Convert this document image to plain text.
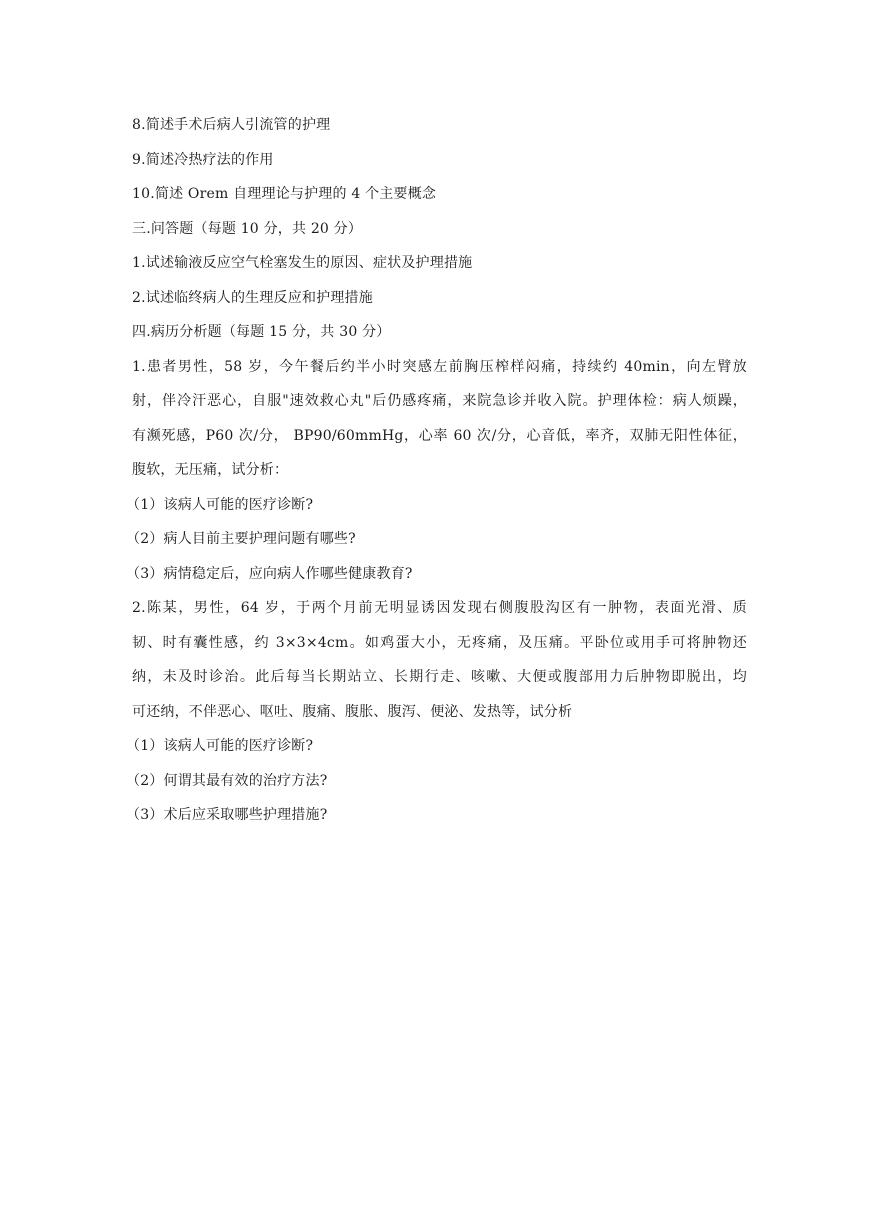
8.简述手术后病人引流管的护理
9.简述冷热疗法的作用
10.简述 Orem 自理理论与护理的 4 个主要概念
三.问答题（每题 10 分，共 20 分）
1.试述输液反应空气栓塞发生的原因、症状及护理措施
2.试述临终病人的生理反应和护理措施
四.病历分析题（每题 15 分，共 30 分）
1.患者男性，58 岁，今午餐后约半小时突感左前胸压榨样闷痛，持续约 40min，向左臂放
射，伴冷汗恶心，自服"速效救心丸"后仍感疼痛，来院急诊并收入院。护理体检：病人烦躁，
有濒死感，P60 次/分， BP90/60mmHg，心率 60 次/分，心音低，率齐，双肺无阳性体征，
腹软，无压痛，试分析：
（1）该病人可能的医疗诊断?
（2）病人目前主要护理问题有哪些?
（3）病情稳定后，应向病人作哪些健康教育?
2.陈某，男性，64 岁，于两个月前无明显诱因发现右侧腹股沟区有一肿物，表面光滑、质
韧、时有囊性感，约 3×3×4cm。如鸡蛋大小，无疼痛，及压痛。平卧位或用手可将肿物还
纳，未及时诊治。此后每当长期站立、长期行走、咳嗽、大便或腹部用力后肿物即脱出，均
可还纳，不伴恶心、呕吐、腹痛、腹胀、腹泻、便泌、发热等，试分析
（1）该病人可能的医疗诊断?
（2）何谓其最有效的治疗方法?
（3）术后应采取哪些护理措施?
